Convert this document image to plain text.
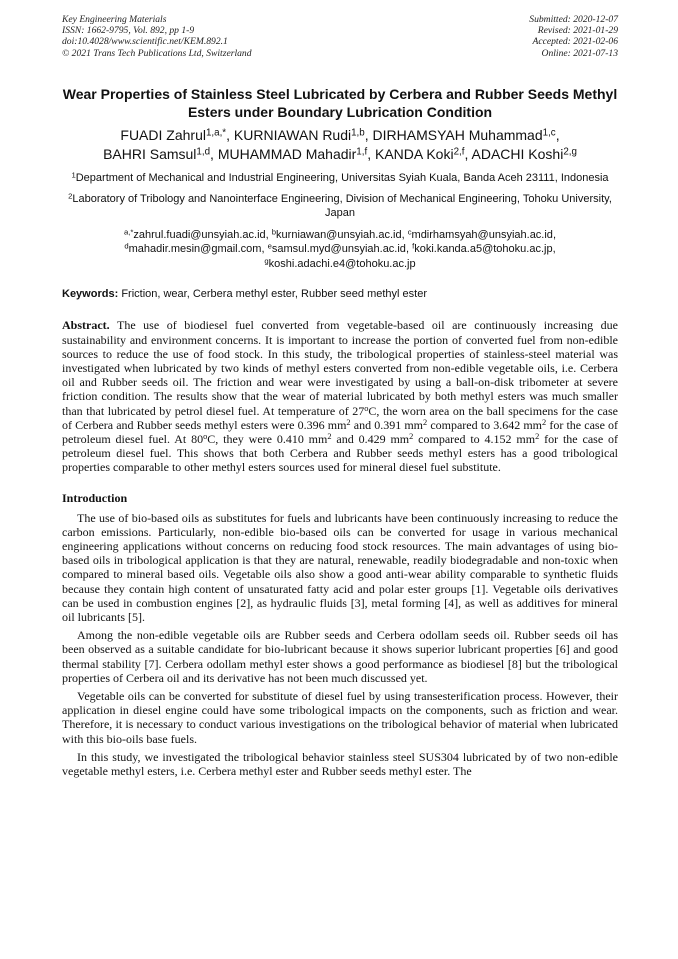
Key Engineering Materials
ISSN: 1662-9795, Vol. 892, pp 1-9
doi:10.4028/www.scientific.net/KEM.892.1
© 2021 Trans Tech Publications Ltd, Switzerland
Submitted: 2020-12-07
Revised: 2021-01-29
Accepted: 2021-02-06
Online: 2021-07-13
Wear Properties of Stainless Steel Lubricated by Cerbera and Rubber Seeds Methyl Esters under Boundary Lubrication Condition
FUADI Zahrul$^{1,a,*}$, KURNIAWAN Rudi$^{1,b}$, DIRHAMSYAH Muhammad$^{1,c}$,
BAHRI Samsul$^{1,d}$, MUHAMMAD Mahadir$^{1,f}$, KANDA Koki$^{2,f}$, ADACHI Koshi$^{2,g}$
$^1$Department of Mechanical and Industrial Engineering, Universitas Syiah Kuala, Banda Aceh 23111, Indonesia
$^2$Laboratory of Tribology and Nanointerface Engineering, Division of Mechanical Engineering, Tohoku University, Japan
$^{a,*}$zahrul.fuadi@unsyiah.ac.id, $^b$kurniawan@unsyiah.ac.id, $^c$mdirhamsyah@unsyiah.ac.id,
$^d$mahadir.mesin@gmail.com, $^e$samsul.myd@unsyiah.ac.id, $^f$koki.kanda.a5@tohoku.ac.jp,
$^g$koshi.adachi.e4@tohoku.ac.jp
Keywords: Friction, wear, Cerbera methyl ester, Rubber seed methyl ester
Abstract. The use of biodiesel fuel converted from vegetable-based oil are continuously increasing due sustainability and environment concerns. It is important to increase the portion of converted fuel from non-edible sources to reduce the use of food stock. In this study, the tribological properties of stainless-steel material was investigated when lubricated by two kinds of methyl esters converted from non-edible vegetable oils, i.e. Cerbera oil and Rubber seeds oil. The friction and wear were investigated by using a ball-on-disk tribometer at severe friction condition. The results show that the wear of material lubricated by both methyl esters was much smaller than that lubricated by petrol diesel fuel. At temperature of 27$^o$C, the worn area on the ball specimens for the case of Cerbera and Rubber seeds methyl esters were 0.396 $mm^2$ and 0.391 $mm^2$ compared to 3.642 $mm^2$ for the case of petroleum diesel fuel. At 80$^o$C, they were 0.410 $mm^2$ and 0.429 $mm^2$ compared to 4.152 $mm^2$ for the case of petroleum diesel fuel. This shows that both Cerbera and Rubber seeds methyl esters has a good tribological properties comparable to other methyl esters sources used for mineral diesel fuel substitute.
Introduction
The use of bio-based oils as substitutes for fuels and lubricants have been continuously increasing to reduce the carbon emissions. Particularly, non-edible bio-based oils can be converted for usage in various mechanical engineering applications without concerns on reducing food stock resources. The main advantages of using bio-based oils in tribological application is that they are natural, renewable, readily biodegradable and non-toxic when compared to mineral based oils. Vegetable oils also show a good anti-wear ability comparable to synthetic fluids because they contain high content of unsaturated fatty acid and polar ester groups [1]. Vegetable oils derivatives can be used in combustion engines [2], as hydraulic fluids [3], metal forming [4], as well as additives for mineral oil lubricants [5].
Among the non-edible vegetable oils are Rubber seeds and Cerbera odollam seeds oil. Rubber seeds oil has been observed as a suitable candidate for bio-lubricant because it shows superior lubricant properties [6] and good thermal stability [7]. Cerbera odollam methyl ester shows a good performance as biodiesel [8] but the tribological properties of Cerbera oil and its derivative has not been much discussed yet.
Vegetable oils can be converted for substitute of diesel fuel by using transesterification process. However, their application in diesel engine could have some tribological impacts on the components, such as friction and wear. Therefore, it is necessary to conduct various investigations on the tribological behavior of material when lubricated with this bio-oils base fuels.
In this study, we investigated the tribological behavior stainless steel SUS304 lubricated by of two non-edible vegetable methyl esters, i.e. Cerbera methyl ester and Rubber seeds methyl ester. The
